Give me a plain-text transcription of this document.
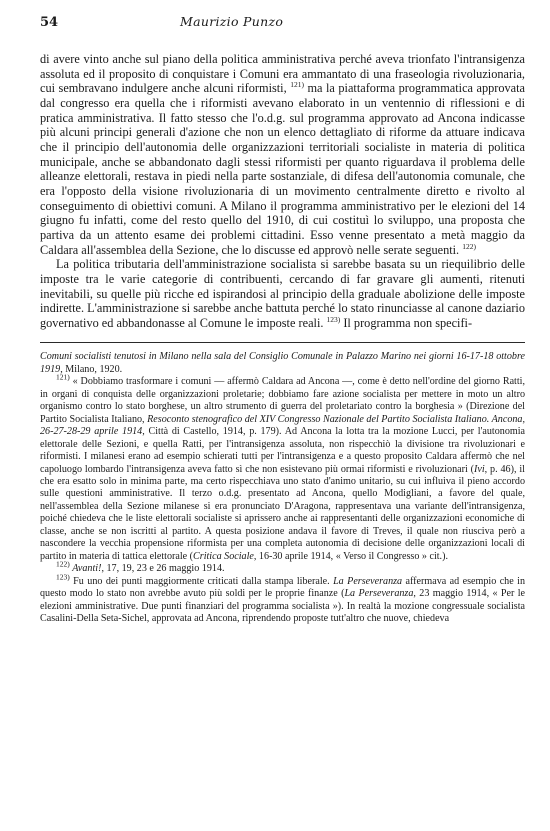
54	Maurizio Punzo

di avere vinto anche sul piano della politica amministrativa perché aveva trionfato l'intransigenza assoluta ed il proposito di conquistare i Comuni era ammantato di una fraseologia rivoluzionaria, cui sembravano indulgere anche alcuni riformisti, $^{121)}$ ma la piattaforma programmatica approvata dal congresso era quella che i riformisti avevano elaborato in un ventennio di riflessioni e di pratica amministrativa. Il fatto stesso che l'o.d.g. sul programma approvato ad Ancona indicasse più alcuni principi generali d'azione che non un elenco dettagliato di riforme da attuare indicava che il principio dell'autonomia delle organizzazioni territoriali socialiste in materia di politica municipale, anche se abbandonato dagli stessi riformisti per quanto riguardava il problema delle alleanze elettorali, restava in piedi nella parte sostanziale, di difesa dell'autonomia comunale, che era l'opposto della visione rivoluzionaria di un movimento centralmente diretto e rivolto al conseguimento di obiettivi comuni. A Milano il programma amministrativo per le elezioni del 14 giugno fu infatti, come del resto quello del 1910, di cui costituì lo sviluppo, una proposta che partiva da un attento esame dei problemi cittadini. Esso venne presentato a metà maggio da Caldara all'assemblea della Sezione, che lo discusse ed approvò nelle serate seguenti. $^{122)}$

La politica tributaria dell'amministrazione socialista si sarebbe basata su un riequilibrio delle imposte tra le varie categorie di contribuenti, cercando di far gravare gli aumenti, ritenuti inevitabili, su quelle più ricche ed ispirandosi al principio della graduale abolizione delle imposte indirette. L'amministrazione si sarebbe anche battuta perché lo stato rinunciasse al canone daziario governativo ed abbandonasse al Comune le imposte reali. $^{123)}$ Il programma non specifi-

Comuni socialisti tenutosi in Milano nella sala del Consiglio Comunale in Palazzo Marino nei giorni 16-17-18 ottobre 1919, Milano, 1920.

$^{121)}$ « Dobbiamo trasformare i comuni — affermò Caldara ad Ancona —, come è detto nell'ordine del giorno Ratti, in organi di conquista delle organizzazioni proletarie; dobbiamo fare azione socialista per mettere in moto un altro organismo contro lo stato borghese, un altro strumento di guerra del proletariato contro la borghesia » (Direzione del Partito Socialista Italiano, Resoconto stenografico del XIV Congresso Nazionale del Partito Socialista Italiano. Ancona, 26-27-28-29 aprile 1914, Città di Castello, 1914, p. 179). Ad Ancona la lotta tra la mozione Lucci, per l'autonomia elettorale delle Sezioni, e quella Ratti, per l'intransigenza assoluta, non rispecchiò la divisione tra rivoluzionari e riformisti. I milanesi erano ad esempio schierati tutti per l'intransigenza e a questo proposito Caldara affermò che nel capoluogo lombardo l'intransigenza aveva fatto sì che non esistevano più ormai riformisti e rivoluzionari (Ivi, p. 46), il che era esatto solo in minima parte, ma certo rispecchiava uno stato d'animo unitario, su cui influiva il pieno accordo sulle questioni amministrative. Il terzo o.d.g. presentato ad Ancona, quello Modigliani, a favore del quale, nell'assemblea della Sezione milanese si era pronunciato D'Aragona, rappresentava una variante dell'intransigenza, poiché chiedeva che le liste elettorali socialiste si aprissero anche ai rappresentanti delle organizzazioni economiche di classe, anche se non iscritti al partito. A questa posizione andava il favore di Treves, il quale non riusciva però a nascondere la vecchia propensione riformista per una completa autonomia di decisione delle organizzazioni locali di partito in materia di tattica elettorale (Critica Sociale, 16-30 aprile 1914, « Verso il Congresso » cit.).

$^{122)}$ Avanti!, 17, 19, 23 e 26 maggio 1914.

$^{123)}$ Fu uno dei punti maggiormente criticati dalla stampa liberale. La Perseveranza affermava ad esempio che in questo modo lo stato non avrebbe avuto più soldi per le proprie finanze (La Perseveranza, 23 maggio 1914, « Per le elezioni amministrative. Due punti finanziari del programma socialista »). In realtà la mozione congressuale socialista Casalini-Della Seta-Sichel, approvata ad Ancona, riprendendo proposte tutt'altro che nuove, chiedeva
